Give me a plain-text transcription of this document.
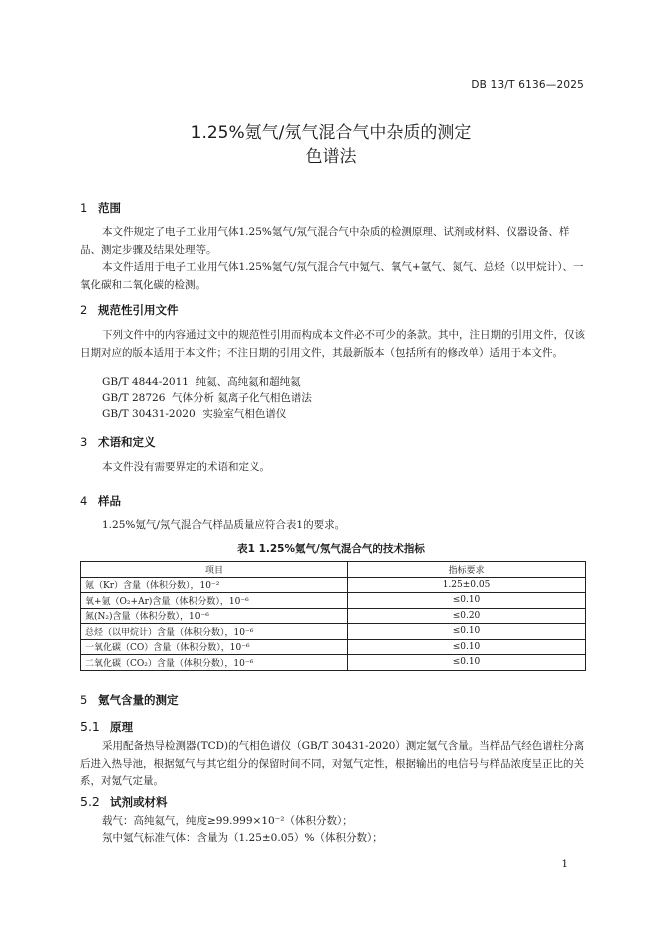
DB 13/T 6136—2025
1.25%氪气/氖气混合气中杂质的测定
色谱法
1 范围
本文件规定了电子工业用气体1.25%氪气/氖气混合气中杂质的检测原理、试剂或材料、仪器设备、样品、测定步骤及结果处理等。
本文件适用于电子工业用气体1.25%氪气/氖气混合气中氪气、氧气+氩气、氮气、总烃（以甲烷计）、一氧化碳和二氧化碳的检测。
2 规范性引用文件
下列文件中的内容通过文中的规范性引用而构成本文件必不可少的条款。其中，注日期的引用文件，仅该日期对应的版本适用于本文件；不注日期的引用文件，其最新版本（包括所有的修改单）适用于本文件。
GB/T 4844-2011  纯氦、高纯氦和超纯氦
GB/T 28726  气体分析 氦离子化气相色谱法
GB/T 30431-2020  实验室气相色谱仪
3 术语和定义
本文件没有需要界定的术语和定义。
4 样品
1.25%氪气/氖气混合气样品质量应符合表1的要求。
表1 1.25%氪气/氖气混合气的技术指标
项目	指标要求
氪（Kr）含量（体积分数），10⁻²	1.25±0.05
氧+氩（O₂+Ar)含量（体积分数），10⁻⁶	≤0.10
氮(N₂)含量（体积分数），10⁻⁶	≤0.20
总烃（以甲烷计）含量（体积分数），10⁻⁶	≤0.10
一氧化碳（CO）含量（体积分数），10⁻⁶	≤0.10
二氧化碳（CO₂）含量（体积分数），10⁻⁶	≤0.10
5 氪气含量的测定
5.1 原理
采用配备热导检测器(TCD)的气相色谱仪（GB/T 30431-2020）测定氪气含量。当样品气经色谱柱分离后进入热导池，根据氪气与其它组分的保留时间不同，对氪气定性，根据输出的电信号与样品浓度呈正比的关系，对氪气定量。
5.2 试剂或材料
载气：高纯氦气，纯度≥99.999×10⁻²（体积分数）；
氖中氪气标准气体：含量为（1.25±0.05）%（体积分数）；
1
